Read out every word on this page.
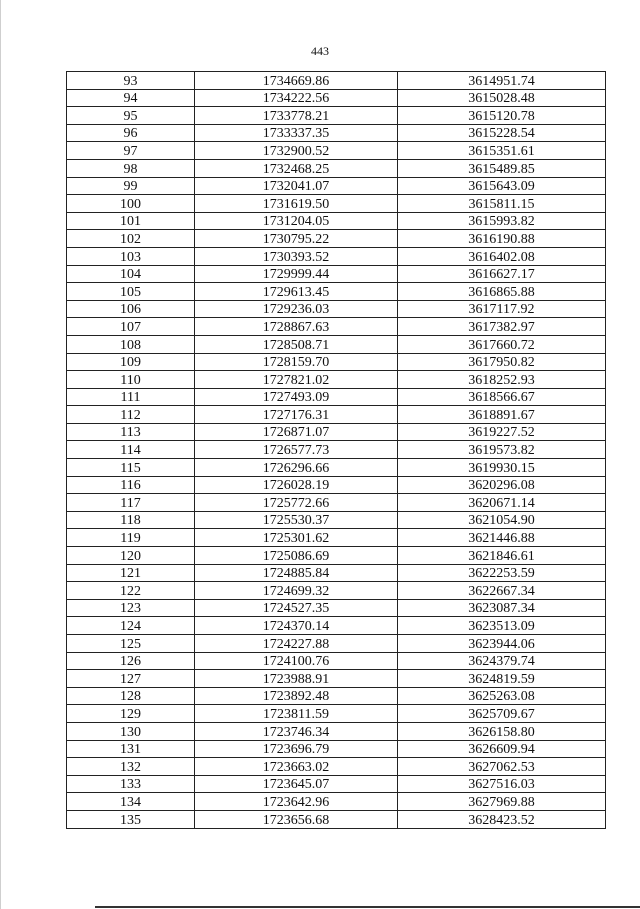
443
93	1734669.86	3614951.74
94	1734222.56	3615028.48
95	1733778.21	3615120.78
96	1733337.35	3615228.54
97	1732900.52	3615351.61
98	1732468.25	3615489.85
99	1732041.07	3615643.09
100	1731619.50	3615811.15
101	1731204.05	3615993.82
102	1730795.22	3616190.88
103	1730393.52	3616402.08
104	1729999.44	3616627.17
105	1729613.45	3616865.88
106	1729236.03	3617117.92
107	1728867.63	3617382.97
108	1728508.71	3617660.72
109	1728159.70	3617950.82
110	1727821.02	3618252.93
111	1727493.09	3618566.67
112	1727176.31	3618891.67
113	1726871.07	3619227.52
114	1726577.73	3619573.82
115	1726296.66	3619930.15
116	1726028.19	3620296.08
117	1725772.66	3620671.14
118	1725530.37	3621054.90
119	1725301.62	3621446.88
120	1725086.69	3621846.61
121	1724885.84	3622253.59
122	1724699.32	3622667.34
123	1724527.35	3623087.34
124	1724370.14	3623513.09
125	1724227.88	3623944.06
126	1724100.76	3624379.74
127	1723988.91	3624819.59
128	1723892.48	3625263.08
129	1723811.59	3625709.67
130	1723746.34	3626158.80
131	1723696.79	3626609.94
132	1723663.02	3627062.53
133	1723645.07	3627516.03
134	1723642.96	3627969.88
135	1723656.68	3628423.52
